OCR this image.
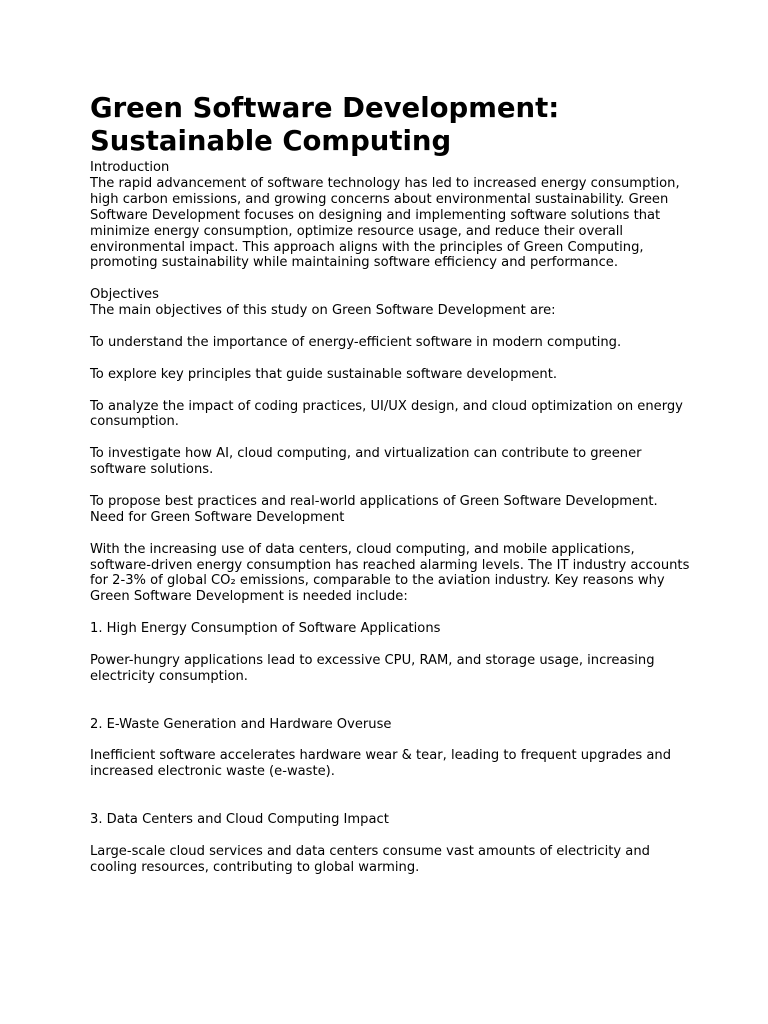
Green Software Development: Sustainable Computing

Introduction

The rapid advancement of software technology has led to increased energy consumption, high carbon emissions, and growing concerns about environmental sustainability. Green Software Development focuses on designing and implementing software solutions that minimize energy consumption, optimize resource usage, and reduce their overall environmental impact. This approach aligns with the principles of Green Computing, promoting sustainability while maintaining software efficiency and performance.

Objectives

The main objectives of this study on Green Software Development are:

To understand the importance of energy-efficient software in modern computing.

To explore key principles that guide sustainable software development.

To analyze the impact of coding practices, UI/UX design, and cloud optimization on energy consumption.

To investigate how AI, cloud computing, and virtualization can contribute to greener software solutions.

To propose best practices and real-world applications of Green Software Development.

Need for Green Software Development

With the increasing use of data centers, cloud computing, and mobile applications, software-driven energy consumption has reached alarming levels. The IT industry accounts for 2-3% of global CO₂ emissions, comparable to the aviation industry. Key reasons why Green Software Development is needed include:

1. High Energy Consumption of Software Applications

Power-hungry applications lead to excessive CPU, RAM, and storage usage, increasing electricity consumption.

2. E-Waste Generation and Hardware Overuse

Inefficient software accelerates hardware wear & tear, leading to frequent upgrades and increased electronic waste (e-waste).

3. Data Centers and Cloud Computing Impact

Large-scale cloud services and data centers consume vast amounts of electricity and cooling resources, contributing to global warming.
